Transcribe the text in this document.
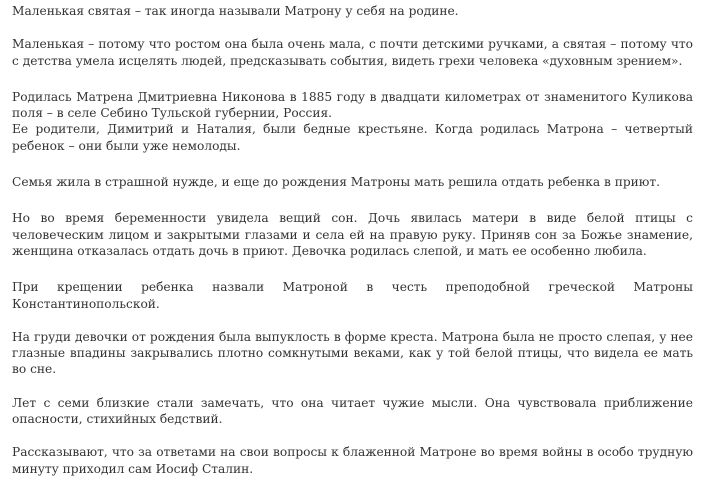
Маленькая святая – так иногда называли Матрону у себя на родине.

Маленькая – потому что ростом она была очень мала, с почти детскими ручками, а святая – потому что с детства умела исцелять людей, предсказывать события, видеть грехи человека «духовным зрением».

Родилась Матрена Дмитриевна Никонова в 1885 году в двадцати километрах от знаменитого Куликова поля – в селе Себино Тульской губернии, Россия.

Ее родители, Димитрий и Наталия, были бедные крестьяне. Когда родилась Матрона – четвертый ребенок – они были уже немолоды.

Семья жила в страшной нужде, и еще до рождения Матроны мать решила отдать ребенка в приют.

Но во время беременности увидела вещий сон. Дочь явилась матери в виде белой птицы с человеческим лицом и закрытыми глазами и села ей на правую руку. Приняв сон за Божье знамение, женщина отказалась отдать дочь в приют. Девочка родилась слепой, и мать ее особенно любила.

При крещении ребенка назвали Матроной в честь преподобной греческой Матроны Константинопольской.

На груди девочки от рождения была выпуклость в форме креста. Матрона была не просто слепая, у нее глазные впадины закрывались плотно сомкнутыми веками, как у той белой птицы, что видела ее мать во сне.

Лет с семи близкие стали замечать, что она читает чужие мысли. Она чувствовала приближение опасности, стихийных бедствий.

Рассказывают, что за ответами на свои вопросы к блаженной Матроне во время войны в особо трудную минуту приходил сам Иосиф Сталин.
